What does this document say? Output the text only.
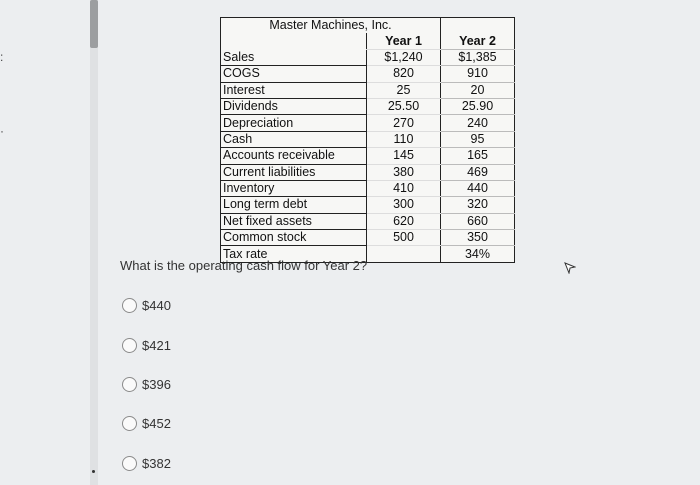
:
·
Master Machines, Inc.		
	Year 1	Year 2
Sales	$1,240	$1,385
COGS	820	910
Interest	25	20
Dividends	25.50	25.90
Depreciation	270	240
Cash	110	95
Accounts receivable	145	165
Current liabilities	380	469
Inventory	410	440
Long term debt	300	320
Net fixed assets	620	660
Common stock	500	350
Tax rate		34%
What is the operating cash flow for Year 2?
$440
$421
$396
$452
$382
